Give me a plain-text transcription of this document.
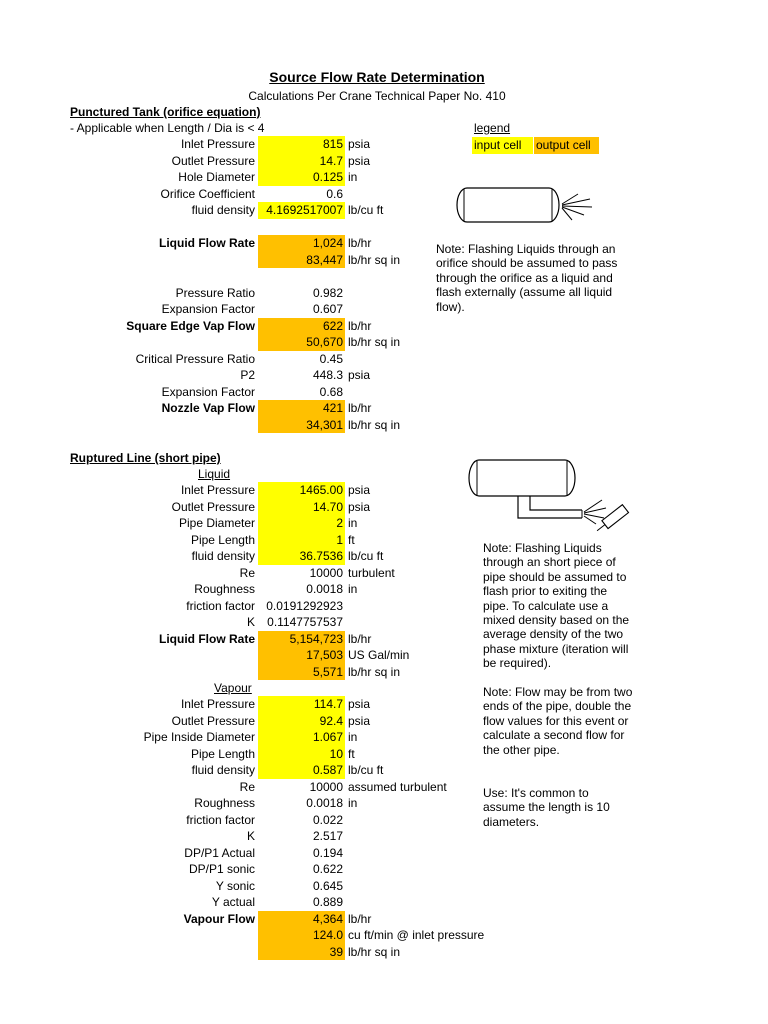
Source Flow Rate Determination
Calculations Per Crane Technical Paper No. 410
Punctured Tank (orifice equation)
- Applicable when Length / Dia is < 4	legend
input cell	output cell
Inlet Pressure	815 psia
Outlet Pressure	14.7 psia
Hole Diameter	0.125 in
Orifice Coefficient	0.6
fluid density 4.1692517007 lb/cu ft
Liquid Flow Rate	1,024 lb/hr
83,447 lb/hr sq in
Pressure Ratio	0.982
Expansion Factor	0.607
Square Edge Vap Flow	622 lb/hr
50,670 lb/hr sq in
Critical Pressure Ratio	0.45
P2	448.3 psia
Expansion Factor	0.68
Nozzle Vap Flow	421 lb/hr
34,301 lb/hr sq in
Note: Flashing Liquids through an orifice should be assumed to pass through the orifice as a liquid and flash externally (assume all liquid flow).
Ruptured Line (short pipe)
Liquid
Inlet Pressure	1465.00 psia
Outlet Pressure	14.70 psia
Pipe Diameter	2 in
Pipe Length	1 ft
fluid density	36.7536 lb/cu ft
Re	10000 turbulent
Roughness	0.0018 in
friction factor 0.0191292923
K	0.1147757537
Liquid Flow Rate	5,154,723 lb/hr
17,503 US Gal/min
5,571 lb/hr sq in
Vapour
Inlet Pressure	114.7 psia
Outlet Pressure	92.4 psia
Pipe Inside Diameter	1.067 in
Pipe Length	10 ft
fluid density	0.587 lb/cu ft
Re	10000 assumed turbulent
Roughness	0.0018 in
friction factor	0.022
K	2.517
DP/P1 Actual	0.194
DP/P1 sonic	0.622
Y sonic	0.645
Y actual	0.889
Vapour Flow	4,364 lb/hr
124.0 cu ft/min @ inlet pressure
39 lb/hr sq in
Note: Flashing Liquids through an short piece of pipe should be assumed to flash prior to exiting the pipe. To calculate use a mixed density based on the average density of the two phase mixture (iteration will be required).
Note: Flow may be from two ends of the pipe, double the flow values for this event or calculate a second flow for the other pipe.
Use: It's common to assume the length is 10 diameters.
